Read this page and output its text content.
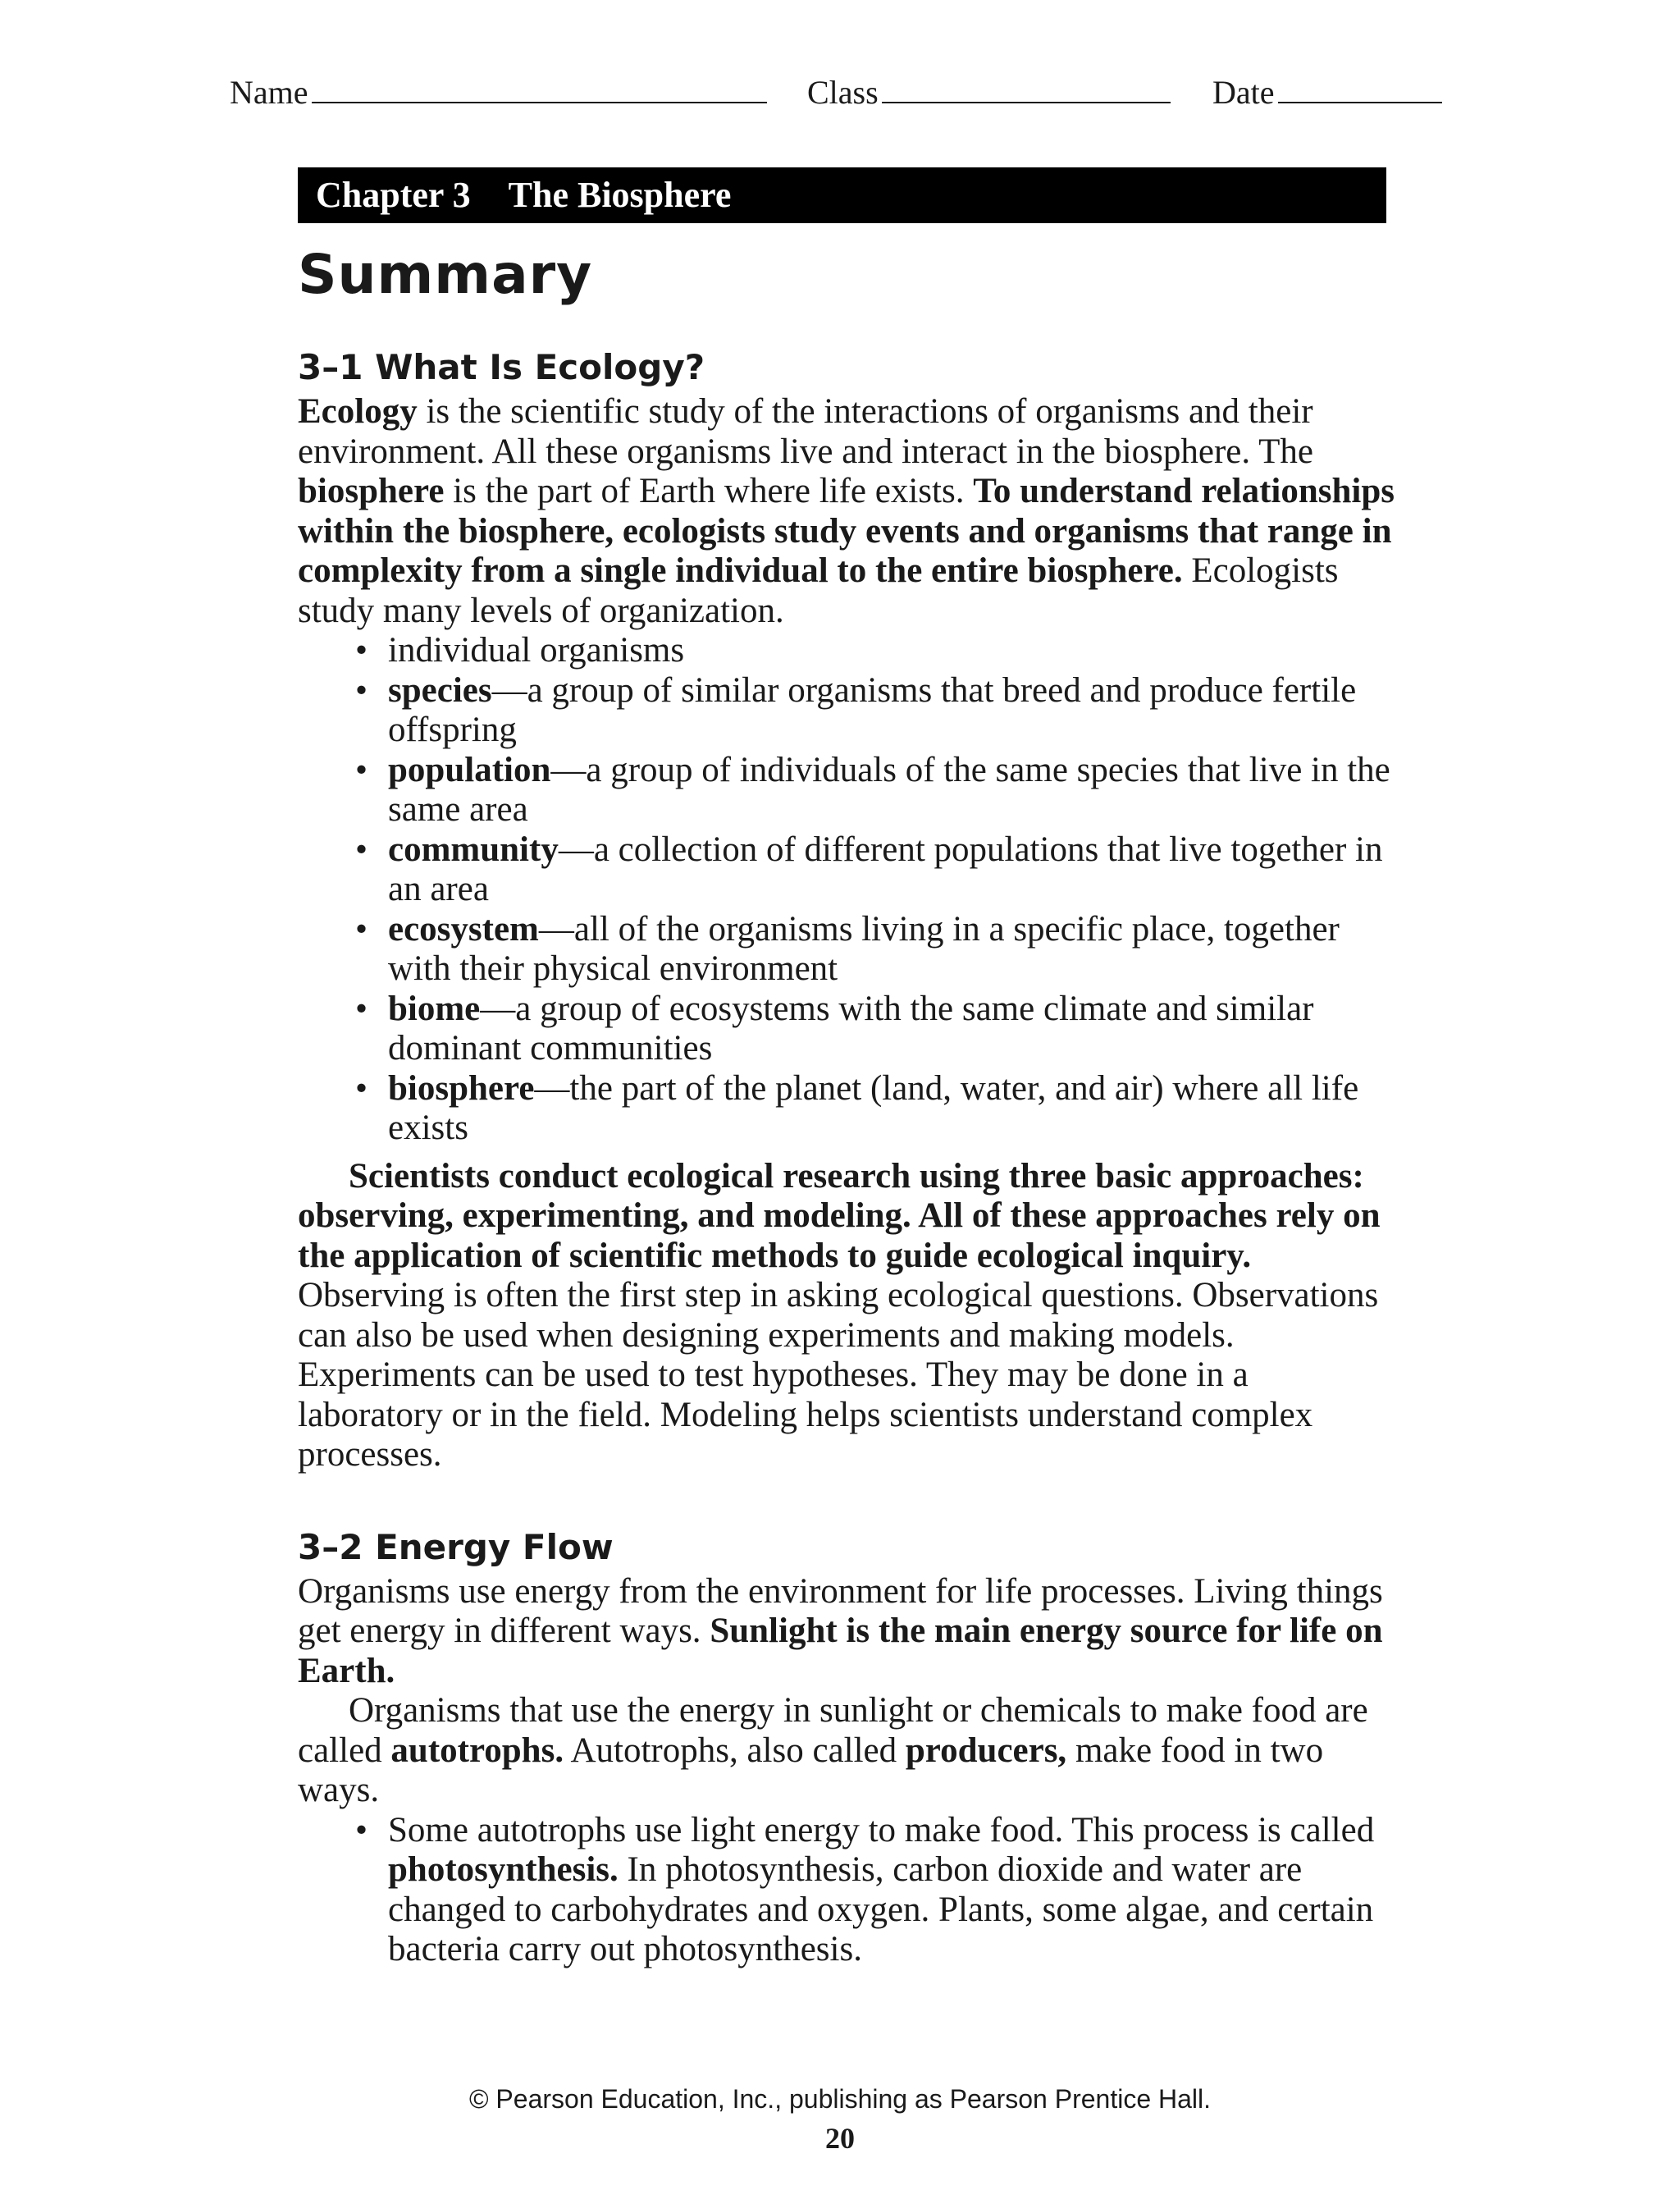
Name	Class	Date
Chapter 3 The Biosphere
Summary
3–1 What Is Ecology?

Ecology is the scientific study of the interactions of organisms and their environment. All these organisms live and interact in the biosphere. The biosphere is the part of Earth where life exists. To understand relationships within the biosphere, ecologists study events and organisms that range in complexity from a single individual to the entire biosphere. Ecologists study many levels of organization.

• individual organisms
• species—a group of similar organisms that breed and produce fertile offspring
• population—a group of individuals of the same species that live in the same area
• community—a collection of different populations that live together in an area
• ecosystem—all of the organisms living in a specific place, together with their physical environment
• biome—a group of ecosystems with the same climate and similar dominant communities
• biosphere—the part of the planet (land, water, and air) where all life exists

Scientists conduct ecological research using three basic approaches: observing, experimenting, and modeling. All of these approaches rely on the application of scientific methods to guide ecological inquiry. Observing is often the first step in asking ecological questions. Observations can also be used when designing experiments and making models. Experiments can be used to test hypotheses. They may be done in a laboratory or in the field. Modeling helps scientists understand complex processes.

3–2 Energy Flow

Organisms use energy from the environment for life processes. Living things get energy in different ways. Sunlight is the main energy source for life on Earth.

Organisms that use the energy in sunlight or chemicals to make food are called autotrophs. Autotrophs, also called producers, make food in two ways.

• Some autotrophs use light energy to make food. This process is called photosynthesis. In photosynthesis, carbon dioxide and water are changed to carbohydrates and oxygen. Plants, some algae, and certain bacteria carry out photosynthesis.
© Pearson Education, Inc., publishing as Pearson Prentice Hall.
20
